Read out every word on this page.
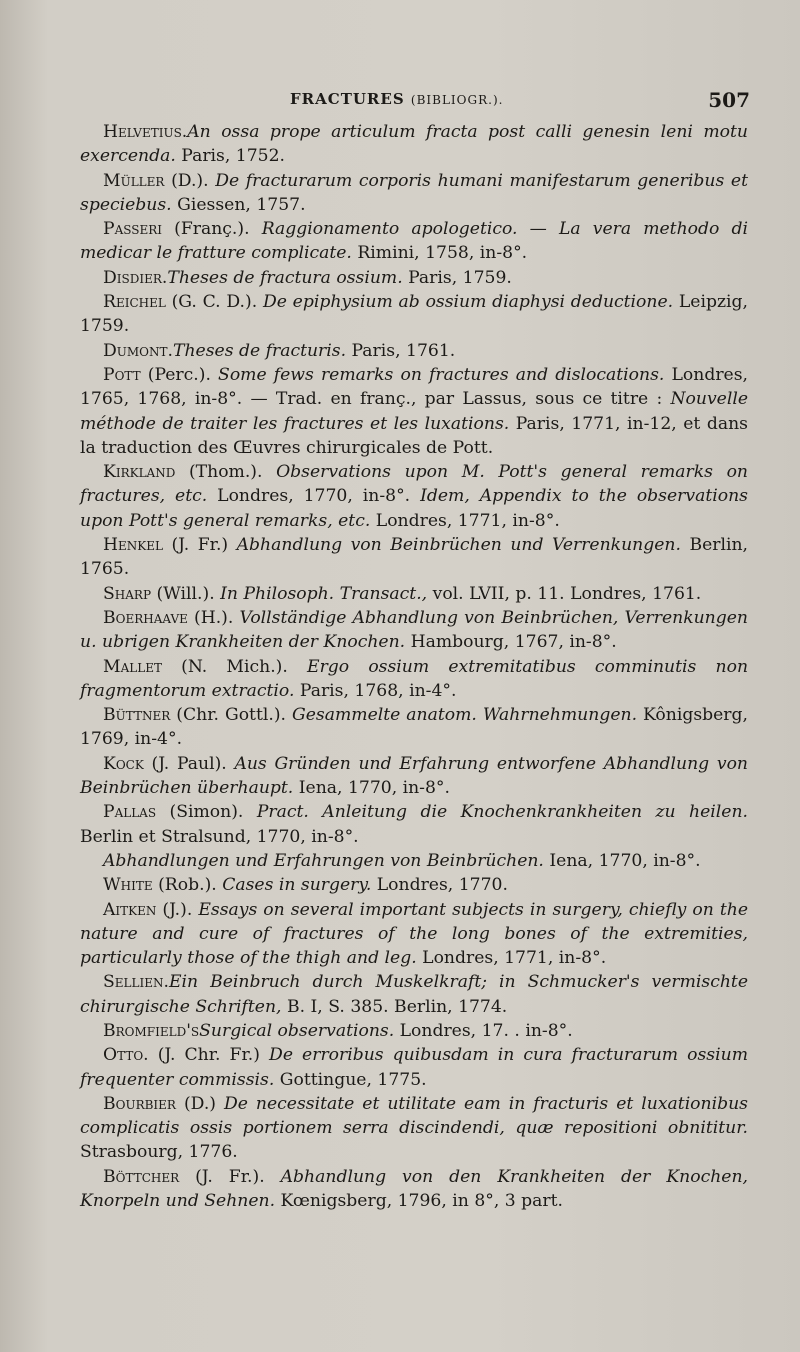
FRACTURES (BIBLIOGR.).	507

Helvetius.An ossa prope articulum fracta post calli genesin leni motu exercenda. Paris, 1752.

Müller (D.). De fracturarum corporis humani manifestarum generibus et speciebus. Giessen, 1757.

Passeri (Franç.). Raggionamento apologetico. — La vera methodo di medicar le fratture complicate. Rimini, 1758, in-8°.

Disdier.Theses de fractura ossium. Paris, 1759.

Reichel (G. C. D.). De epiphysium ab ossium diaphysi deductione. Leipzig, 1759.

Dumont.Theses de fracturis. Paris, 1761.

Pott (Perc.). Some fews remarks on fractures and dislocations. Londres, 1765, 1768, in-8°. — Trad. en franç., par Lassus, sous ce titre : Nouvelle méthode de traiter les fractures et les luxations. Paris, 1771, in-12, et dans la traduction des Œuvres chirurgicales de Pott.

Kirkland (Thom.). Observations upon M. Pott's general remarks on fractures, etc. Londres, 1770, in-8°. Idem, Appendix to the observations upon Pott's general remarks, etc. Londres, 1771, in-8°.

Henkel (J. Fr.) Abhandlung von Beinbrüchen und Verrenkungen. Berlin, 1765.

Sharp (Will.). In Philosoph. Transact., vol. LVII, p. 11. Londres, 1761.

Boerhaave (H.). Vollständige Abhandlung von Beinbrüchen, Verrenkungen u. ubrigen Krankheiten der Knochen. Hambourg, 1767, in-8°.

Mallet (N. Mich.). Ergo ossium extremitatibus comminutis non fragmentorum extractio. Paris, 1768, in-4°.

Büttner (Chr. Gottl.). Gesammelte anatom. Wahrnehmungen. Kônigsberg, 1769, in-4°.

Kock (J. Paul). Aus Gründen und Erfahrung entworfene Abhandlung von Beinbrüchen überhaupt. Iena, 1770, in-8°.

Pallas (Simon). Pract. Anleitung die Knochenkrankheiten zu heilen. Berlin et Stralsund, 1770, in-8°.

Abhandlungen und Erfahrungen von Beinbrüchen. Iena, 1770, in-8°.

White (Rob.). Cases in surgery. Londres, 1770.

Aitken (J.). Essays on several important subjects in surgery, chiefly on the nature and cure of fractures of the long bones of the extremities, particularly those of the thigh and leg. Londres, 1771, in-8°.

Sellien.Ein Beinbruch durch Muskelkraft; in Schmucker's vermischte chirurgische Schriften, B. I, S. 385. Berlin, 1774.

Bromfield'sSurgical observations. Londres, 17. . in-8°.

Otto. (J. Chr. Fr.) De erroribus quibusdam in cura fracturarum ossium frequenter commissis. Gottingue, 1775.

Bourbier (D.) De necessitate et utilitate eam in fracturis et luxationibus complicatis ossis portionem serra discindendi, quæ repositioni obnititur. Strasbourg, 1776.

Böttcher (J. Fr.). Abhandlung von den Krankheiten der Knochen, Knorpeln und Sehnen. Kœnigsberg, 1796, in 8°, 3 part.
